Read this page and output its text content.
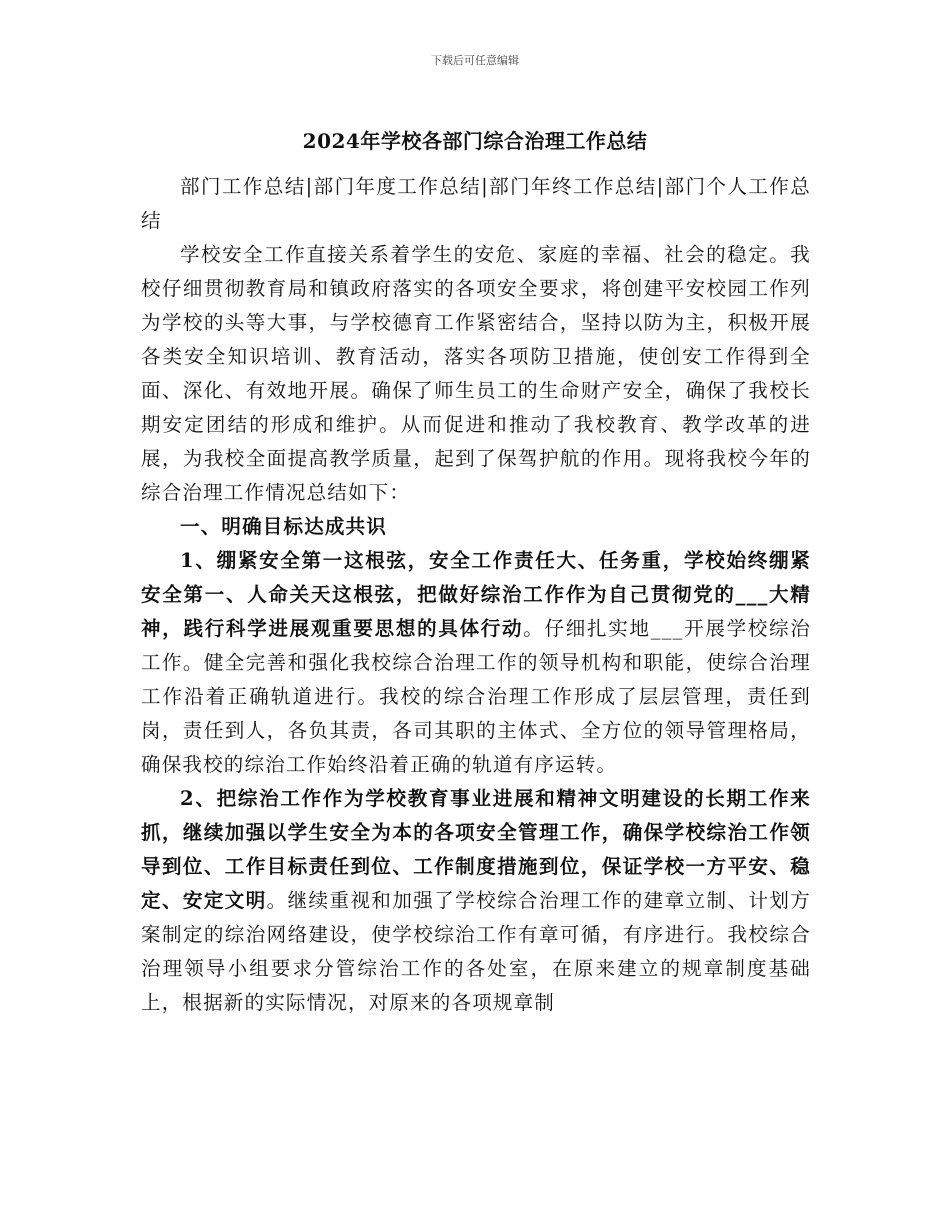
下载后可任意编辑
2024年学校各部门综合治理工作总结

部门工作总结|部门年度工作总结|部门年终工作总结|部门个人工作总结

学校安全工作直接关系着学生的安危、家庭的幸福、社会的稳定。我校仔细贯彻教育局和镇政府落实的各项安全要求，将创建平安校园工作列为学校的头等大事，与学校德育工作紧密结合，坚持以防为主，积极开展各类安全知识培训、教育活动，落实各项防卫措施，使创安工作得到全面、深化、有效地开展。确保了师生员工的生命财产安全，确保了我校长期安定团结的形成和维护。从而促进和推动了我校教育、教学改革的进展，为我校全面提高教学质量，起到了保驾护航的作用。现将我校今年的综合治理工作情况总结如下：

一、明确目标达成共识

1、绷紧安全第一这根弦，安全工作责任大、任务重，学校始终绷紧安全第一、人命关天这根弦，把做好综治工作作为自己贯彻党的___大精神，践行科学进展观重要思想的具体行动。仔细扎实地___开展学校综治工作。健全完善和强化我校综合治理工作的领导机构和职能，使综合治理工作沿着正确轨道进行。我校的综合治理工作形成了层层管理，责任到岗，责任到人，各负其责，各司其职的主体式、全方位的领导管理格局，确保我校的综治工作始终沿着正确的轨道有序运转。

2、把综治工作作为学校教育事业进展和精神文明建设的长期工作来抓，继续加强以学生安全为本的各项安全管理工作，确保学校综治工作领导到位、工作目标责任到位、工作制度措施到位，保证学校一方平安、稳定、安定文明。继续重视和加强了学校综合治理工作的建章立制、计划方案制定的综治网络建设，使学校综治工作有章可循，有序进行。我校综合治理领导小组要求分管综治工作的各处室，在原来建立的规章制度基础上，根据新的实际情况，对原来的各项规章制
